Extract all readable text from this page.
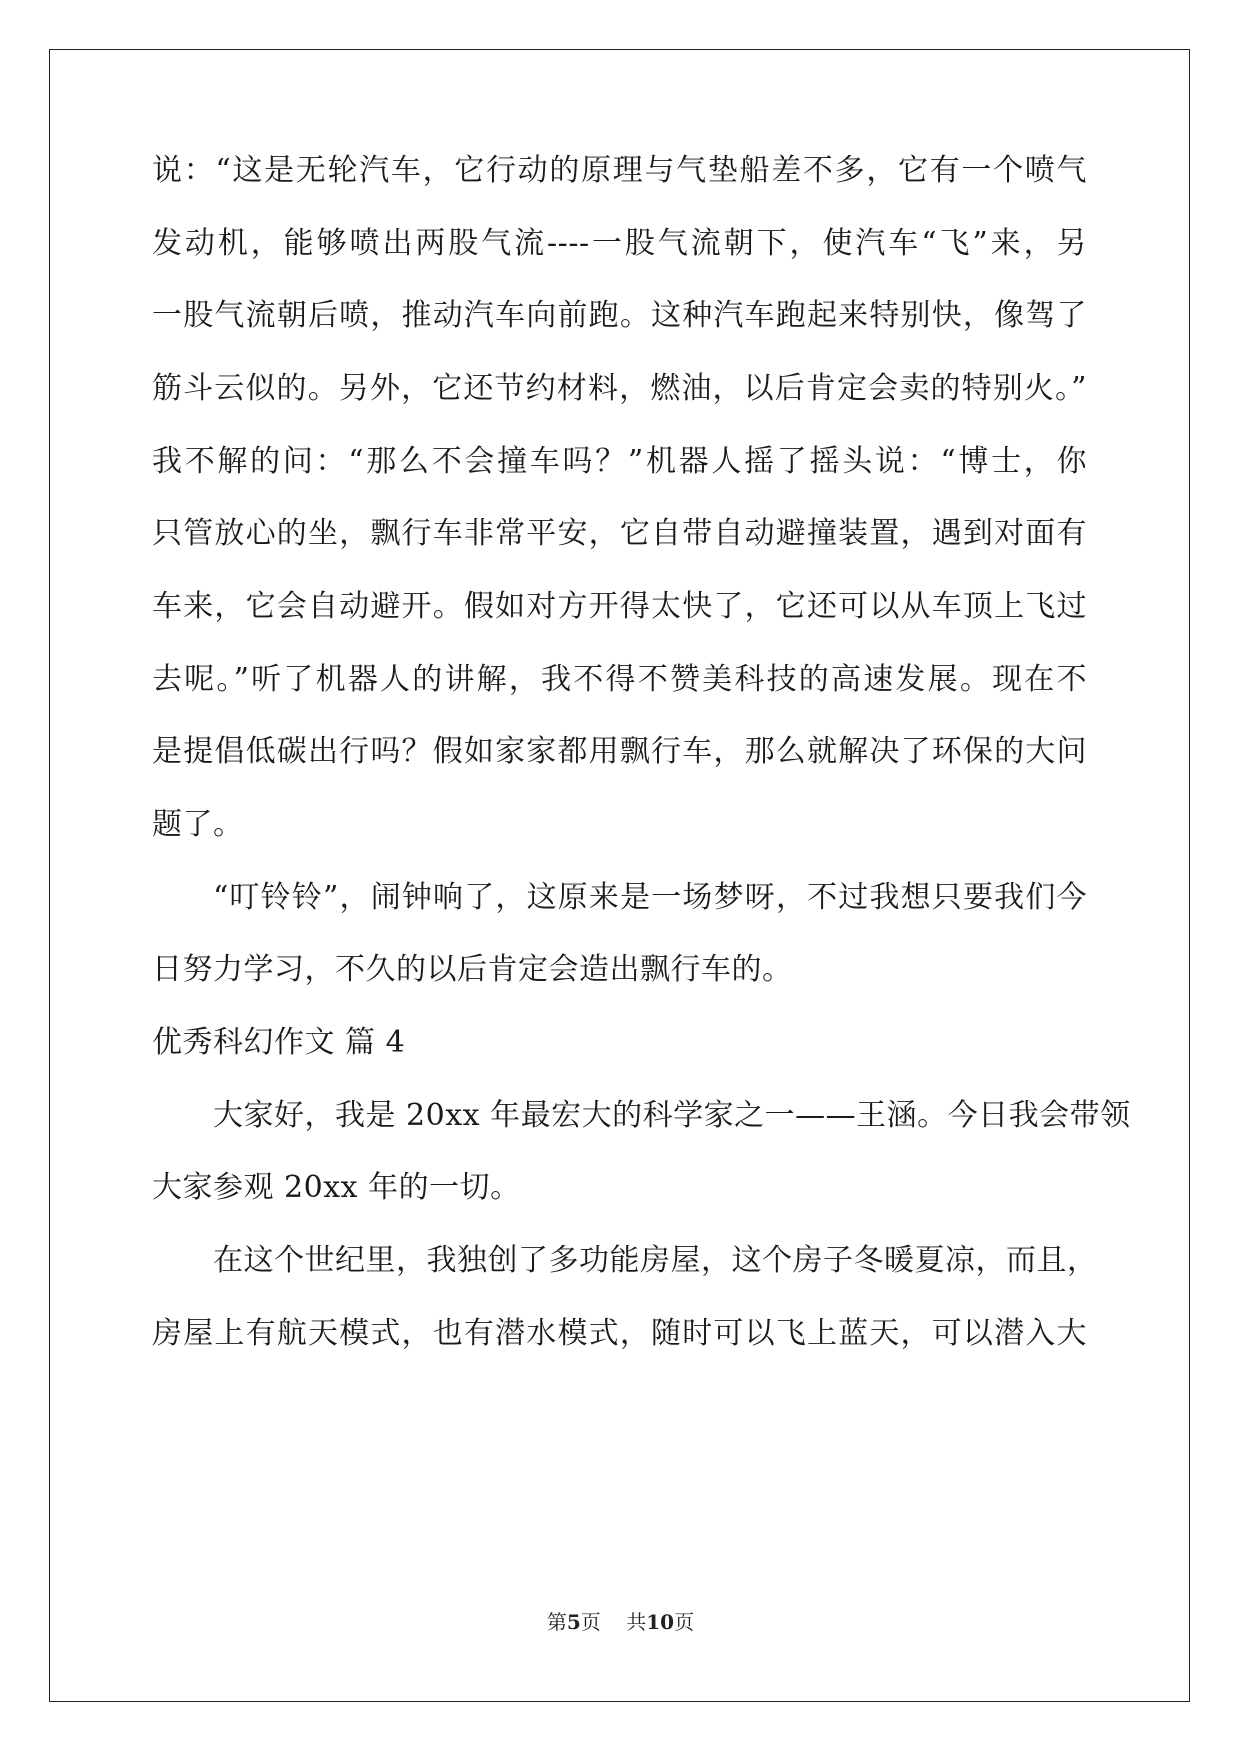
说：“这是无轮汽车，它行动的原理与气垫船差不多，它有一个喷气
发动机，能够喷出两股气流----一股气流朝下，使汽车“飞”来，另
一股气流朝后喷，推动汽车向前跑。这种汽车跑起来特别快，像驾了
筋斗云似的。另外，它还节约材料，燃油，以后肯定会卖的特别火。”
我不解的问：“那么不会撞车吗？”机器人摇了摇头说：“博士，你
只管放心的坐，飘行车非常平安，它自带自动避撞装置，遇到对面有
车来，它会自动避开。假如对方开得太快了，它还可以从车顶上飞过
去呢。”听了机器人的讲解，我不得不赞美科技的高速发展。现在不
是提倡低碳出行吗？假如家家都用飘行车，那么就解决了环保的大问
题了。
“叮铃铃”，闹钟响了，这原来是一场梦呀，不过我想只要我们今
日努力学习，不久的以后肯定会造出飘行车的。
优秀科幻作文 篇 4
大家好，我是 20xx 年最宏大的科学家之一——王涵。今日我会带领
大家参观 20xx 年的一切。
在这个世纪里，我独创了多功能房屋，这个房子冬暖夏凉，而且，
房屋上有航天模式，也有潜水模式，随时可以飞上蓝天，可以潜入大
第5页    共10页
